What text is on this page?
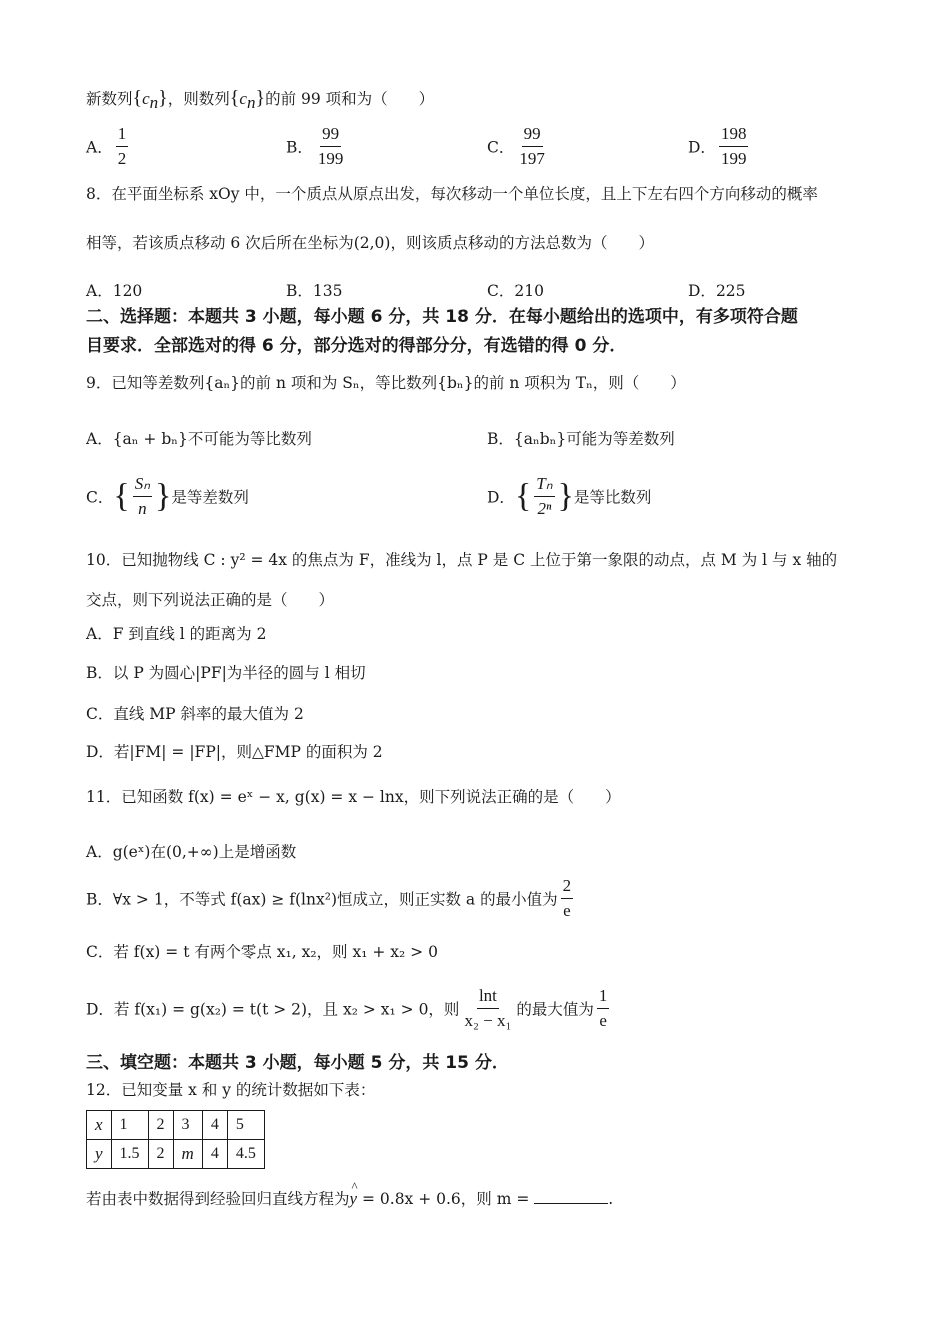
新数列$\{c_n\}$，则数列$\{c_n\}$的前 99 项和为（　　）
A． $\frac{1}{2}$	B． $\frac{99}{199}$	C． $\frac{99}{197}$	D． $\frac{198}{199}$
8．在平面坐标系 xOy 中，一个质点从原点出发，每次移动一个单位长度，且上下左右四个方向移动的概率
相等，若该质点移动 6 次后所在坐标为(2,0)，则该质点移动的方法总数为（　　）
A．120	B．135	C．210	D．225
二、选择题：本题共 3 小题，每小题 6 分，共 18 分．在每小题给出的选项中，有多项符合题
目要求．全部选对的得 6 分，部分选对的得部分分，有选错的得 0 分．
9．已知等差数列{aₙ}的前 n 项和为 Sₙ，等比数列{bₙ}的前 n 项积为 Tₙ，则（　　）
A．{aₙ + bₙ}不可能为等比数列	B．{aₙbₙ}可能为等差数列
C．{ $\frac{\text{Sₙ}}{n}$ }是等差数列	D．{ $\frac{\text{Tₙ}}{\text{2ⁿ}}$ }是等比数列
10．已知抛物线 C : y² = 4x 的焦点为 F，准线为 l，点 P 是 C 上位于第一象限的动点，点 M 为 l 与 x 轴的
交点，则下列说法正确的是（　　）
A．F 到直线 l 的距离为 2
B．以 P 为圆心|PF|为半径的圆与 l 相切
C．直线 MP 斜率的最大值为 2
D．若|FM| = |FP|，则△FMP 的面积为 2
11．已知函数 f(x) = eˣ − x, g(x) = x − lnx，则下列说法正确的是（　　）
A．g(eˣ)在(0,+∞)上是增函数
B．∀x > 1，不等式 f(ax) ≥ f(lnx²)恒成立，则正实数 a 的最小值为 $\frac{2}{e}$
C．若 f(x) = t 有两个零点 x₁, x₂，则 x₁ + x₂ > 0
D．若 f(x₁) = g(x₂) = t(t > 2)，且 x₂ > x₁ > 0，则 $\frac{\ln t}{\text{x₂ − x₁}}$ 的最大值为 $\frac{1}{e}$
三、填空题：本题共 3 小题，每小题 5 分，共 15 分．
12．已知变量 x 和 y 的统计数据如下表：
x	1	2	3	4	5
y	1.5	2	m	4	4.5
若由表中数据得到经验回归直线方程为^ y = 0.8x + 0.6，则 m =	.
